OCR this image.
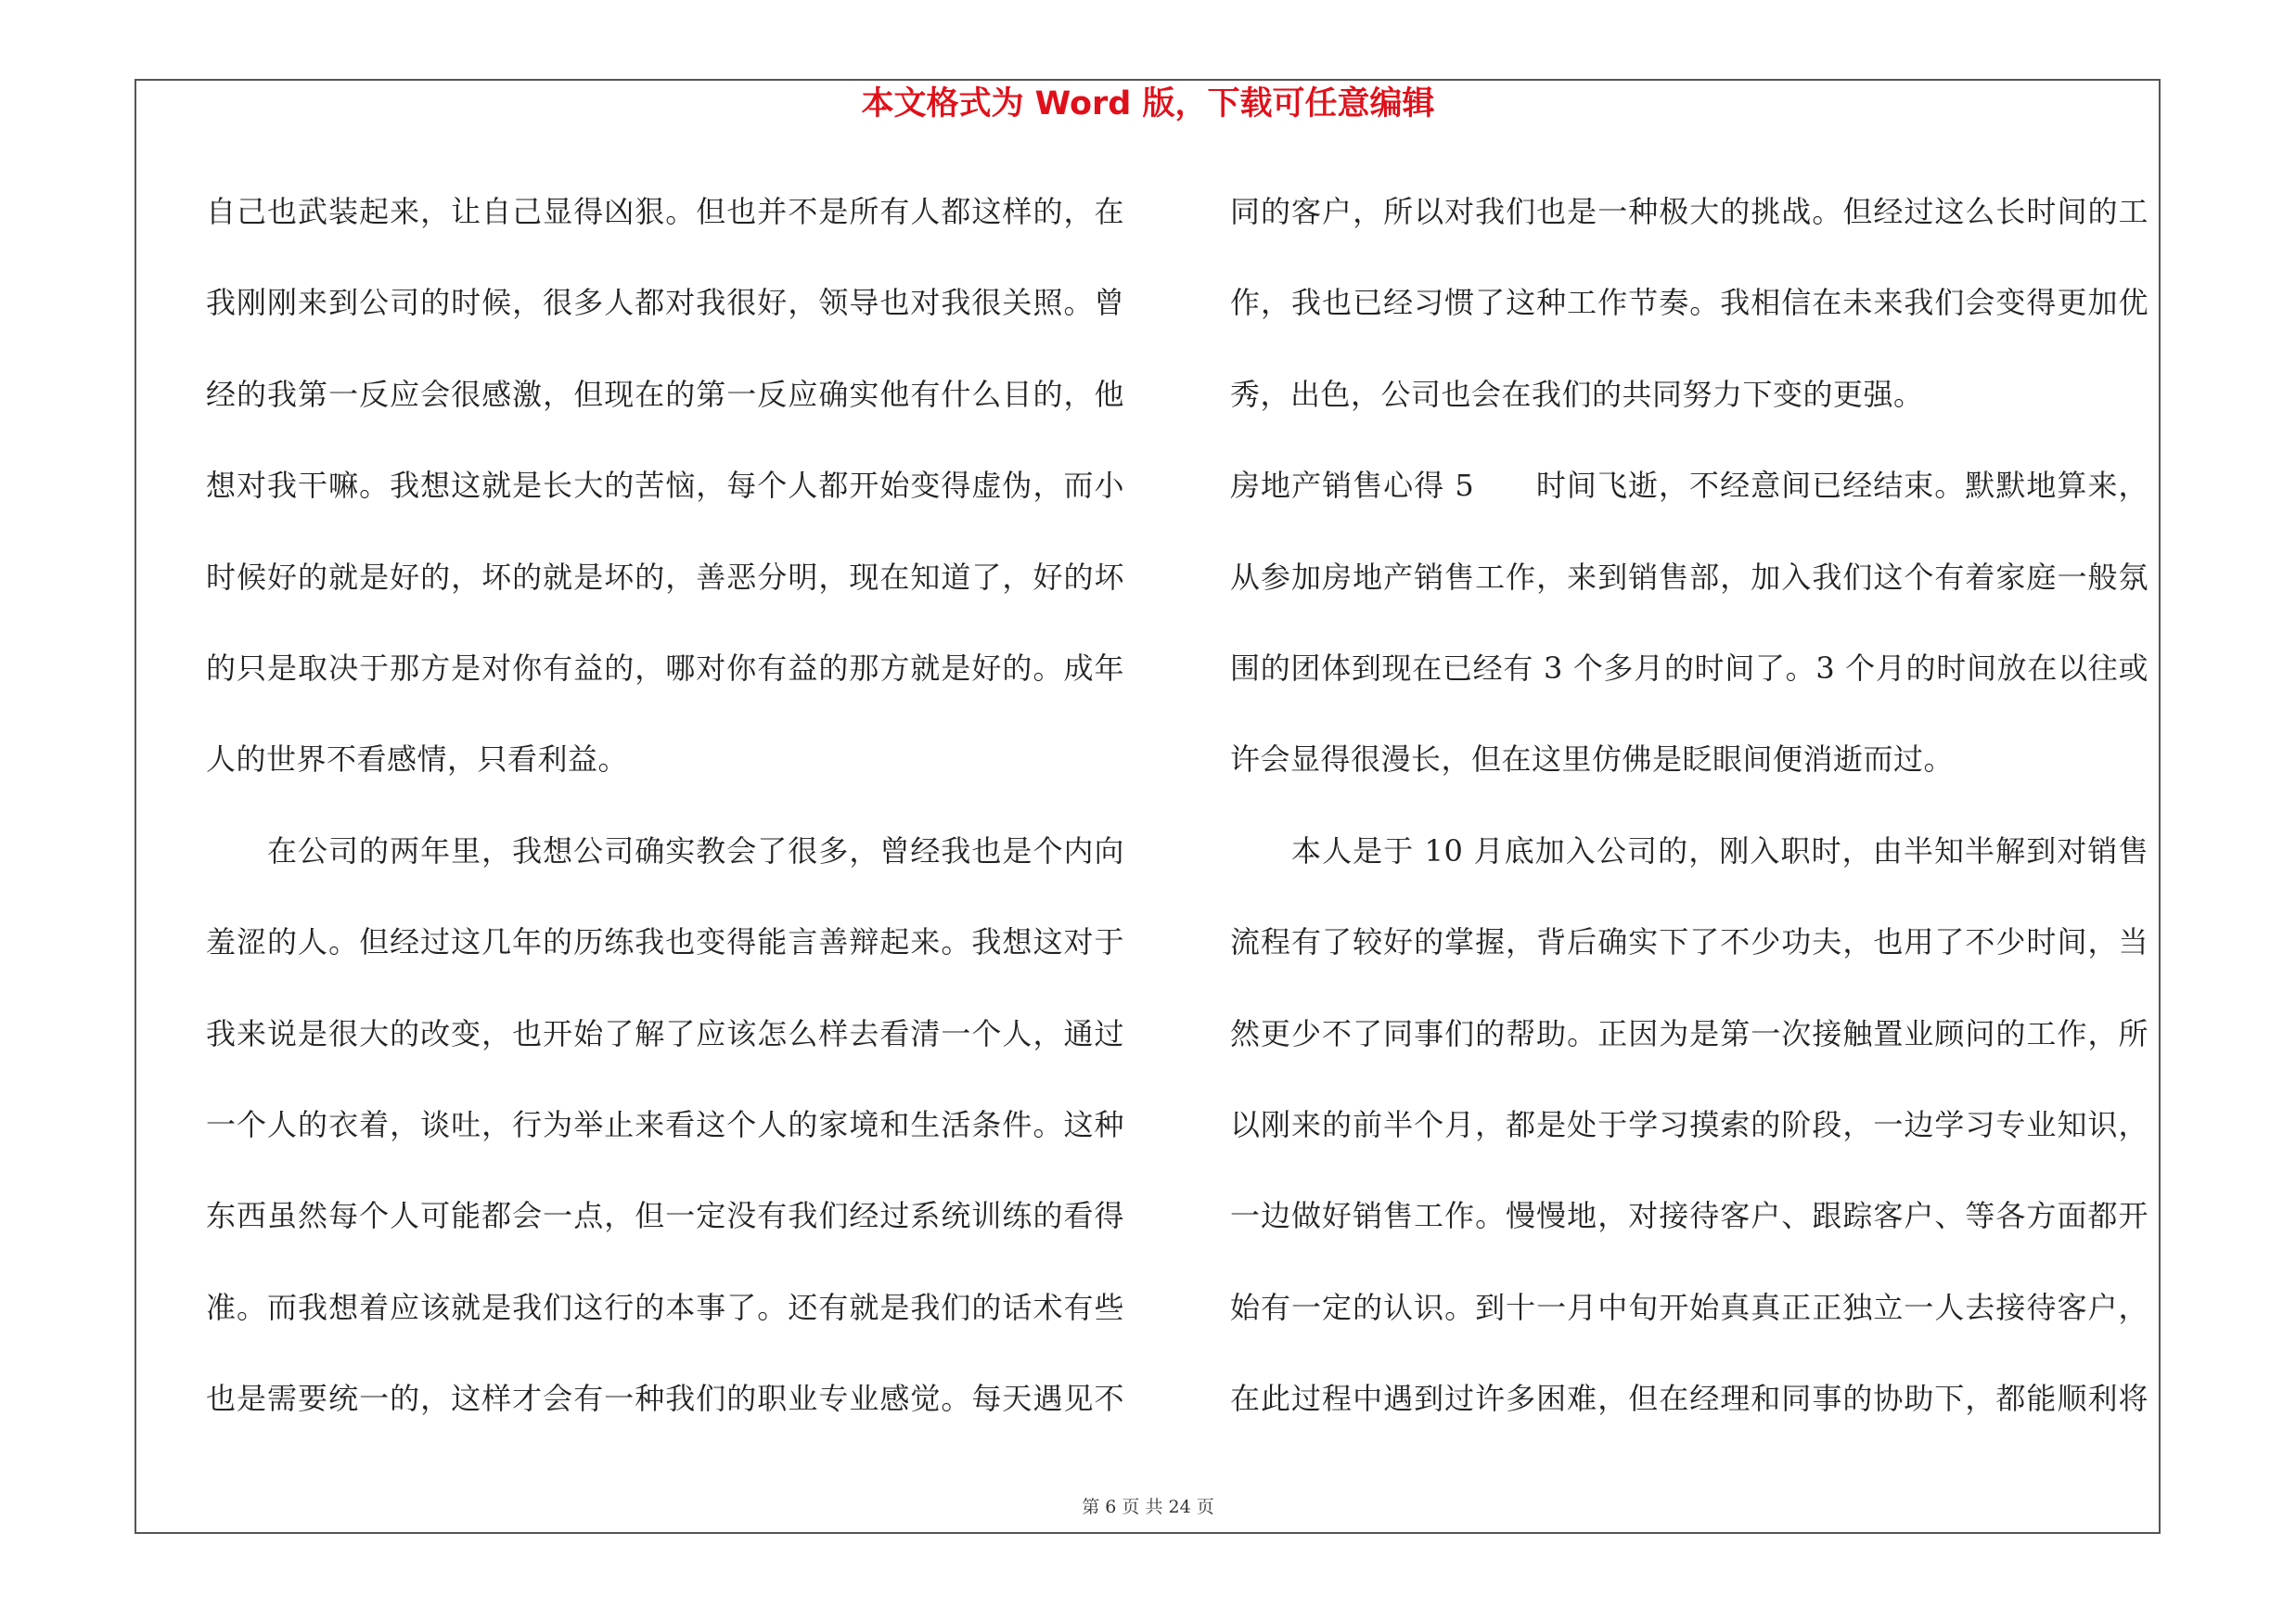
本文格式为 Word 版，下载可任意编辑
自己也武装起来，让自己显得凶狠。但也并不是所有人都这样的，在
我刚刚来到公司的时候，很多人都对我很好，领导也对我很关照。曾
经的我第一反应会很感激，但现在的第一反应确实他有什么目的，他
想对我干嘛。我想这就是长大的苦恼，每个人都开始变得虚伪，而小
时候好的就是好的，坏的就是坏的，善恶分明，现在知道了，好的坏
的只是取决于那方是对你有益的，哪对你有益的那方就是好的。成年
人的世界不看感情，只看利益。
在公司的两年里，我想公司确实教会了很多，曾经我也是个内向
羞涩的人。但经过这几年的历练我也变得能言善辩起来。我想这对于
我来说是很大的改变，也开始了解了应该怎么样去看清一个人，通过
一个人的衣着，谈吐，行为举止来看这个人的家境和生活条件。这种
东西虽然每个人可能都会一点，但一定没有我们经过系统训练的看得
准。而我想着应该就是我们这行的本事了。还有就是我们的话术有些
也是需要统一的，这样才会有一种我们的职业专业感觉。每天遇见不
同的客户，所以对我们也是一种极大的挑战。但经过这么长时间的工
作，我也已经习惯了这种工作节奏。我相信在未来我们会变得更加优
秀，出色，公司也会在我们的共同努力下变的更强。
房地产销售心得 5　　时间飞逝，不经意间已经结束。默默地算来，
从参加房地产销售工作，来到销售部，加入我们这个有着家庭一般氛
围的团体到现在已经有 3 个多月的时间了。3 个月的时间放在以往或
许会显得很漫长，但在这里仿佛是眨眼间便消逝而过。
本人是于 10 月底加入公司的，刚入职时，由半知半解到对销售
流程有了较好的掌握，背后确实下了不少功夫，也用了不少时间，当
然更少不了同事们的帮助。正因为是第一次接触置业顾问的工作，所
以刚来的前半个月，都是处于学习摸索的阶段，一边学习专业知识，
一边做好销售工作。慢慢地，对接待客户、跟踪客户、等各方面都开
始有一定的认识。到十一月中旬开始真真正正独立一人去接待客户，
在此过程中遇到过许多困难，但在经理和同事的协助下，都能顺利将
第 6 页 共 24 页
